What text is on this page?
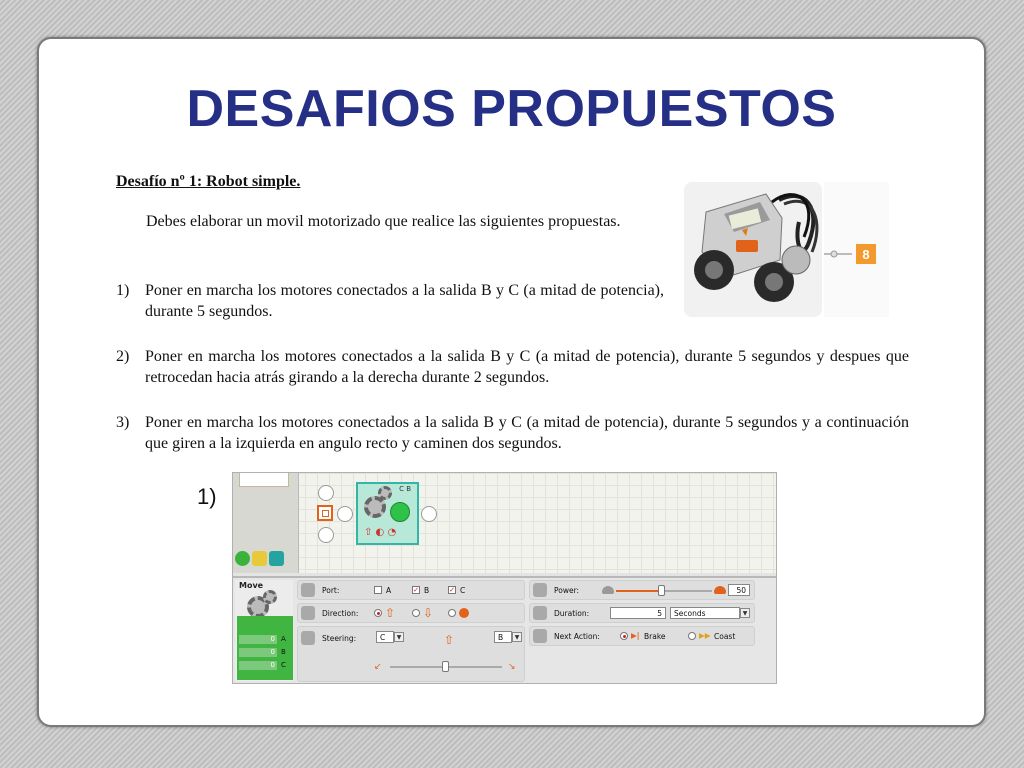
DESAFIOS PROPUESTOS
Desafío nº 1: Robot simple.
Debes elaborar un movil motorizado que realice las siguientes propuestas.
1) Poner en marcha los motores conectados a la salida B y C (a mitad de potencia), durante 5 segundos.
2) Poner en marcha los motores conectados a la salida B y C (a mitad de potencia), durante 5 segundos y despues que retrocedan hacia atrás girando a la derecha durante 2 segundos.
3) Poner en marcha los motores conectados a la salida B y C (a mitad de potencia), durante 5 segundos y a continuación que giren a la izquierda en angulo recto y caminen dos segundos.
8
1)	C B
⇧ ◐ ◔
Move
0 A
0 B
0 C
Port:	A	✓ B	✓ C
Direction: ⇧ ⇩
Steering:	C	▼	⇧	B	▼
↙	↘
Power:	50
Duration:	5	Seconds	▼
Next Action:	▶| Brake	▶▶ Coast
